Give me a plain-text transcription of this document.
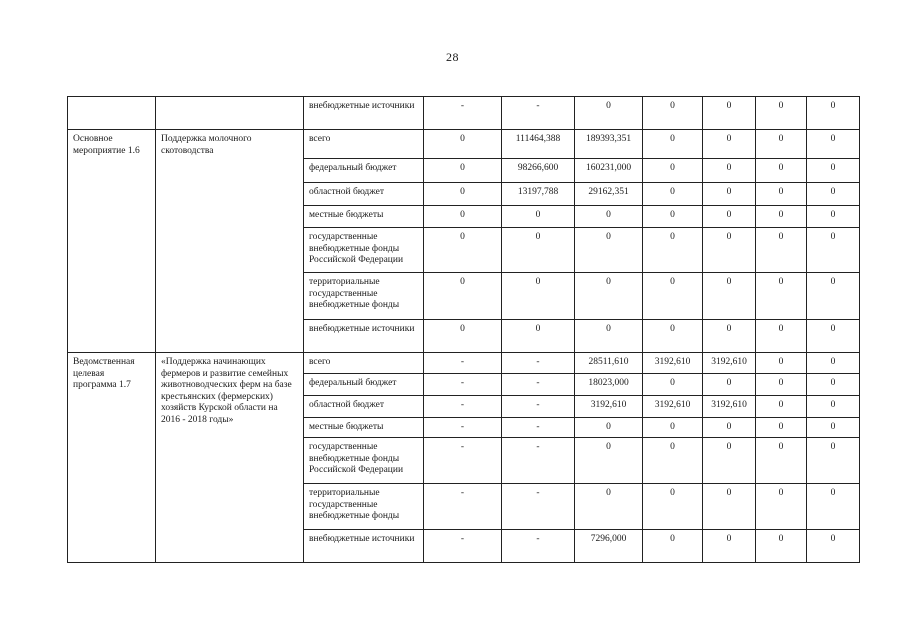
28
		внебюджетные источники	-	-	0	0	0	0	0
Основное мероприятие 1.6	Поддержка молочного скотоводства	всего	0	111464,388	189393,351	0	0	0	0
		федеральный бюджет	0	98266,600	160231,000	0	0	0	0
		областной бюджет	0	13197,788	29162,351	0	0	0	0
		местные бюджеты	0	0	0	0	0	0	0
		государственные внебюджетные фонды Российской Федерации	0	0	0	0	0	0	0
		территориальные государственные внебюджетные фонды	0	0	0	0	0	0	0
		внебюджетные источники	0	0	0	0	0	0	0
Ведомственная целевая программа 1.7	«Поддержка начинающих фермеров и развитие семейных животноводческих ферм на базе крестьянских (фермерских) хозяйств Курской области на 2016 - 2018 годы»	всего	-	-	28511,610	3192,610	3192,610	0	0
		федеральный бюджет	-	-	18023,000	0	0	0	0
		областной бюджет	-	-	3192,610	3192,610	3192,610	0	0
		местные бюджеты	-	-	0	0	0	0	0
		государственные внебюджетные фонды Российской Федерации	-	-	0	0	0	0	0
		территориальные государственные внебюджетные фонды	-	-	0	0	0	0	0
		внебюджетные источники	-	-	7296,000	0	0	0	0
